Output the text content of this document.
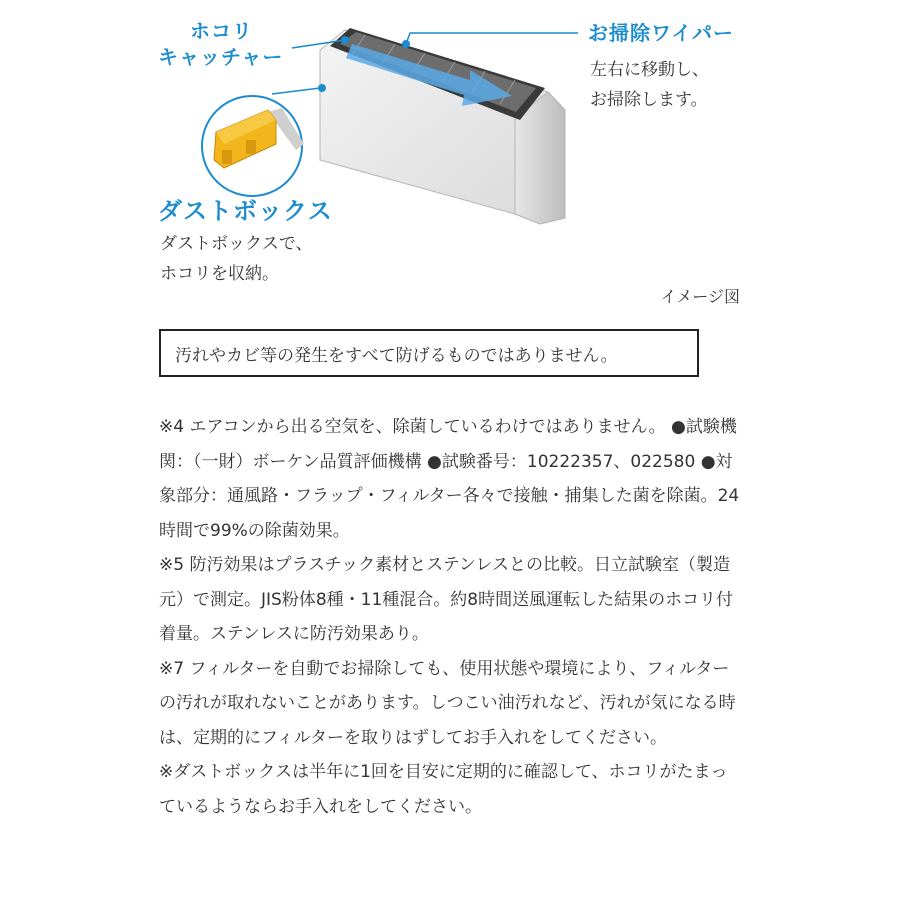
ホコリ
キャッチャー
お掃除ワイパー
左右に移動し、
お掃除します。
ダストボックス
ダストボックスで、
ホコリを収納。
イメージ図
汚れやカビ等の発生をすべて防げるものではありません。

※4 エアコンから出る空気を、除菌しているわけではありません。 ●試験機関：（一財）ボーケン品質評価機構 ●試験番号：10222357、022580 ●対象部分：通風路・フラップ・フィルター各々で接触・捕集した菌を除菌。24時間で99%の除菌効果。

※5 防汚効果はプラスチック素材とステンレスとの比較。日立試験室（製造元）で測定。JIS粉体8種・11種混合。約8時間送風運転した結果のホコリ付着量。ステンレスに防汚効果あり。

※7 フィルターを自動でお掃除しても、使用状態や環境により、フィルターの汚れが取れないことがあります。しつこい油汚れなど、汚れが気になる時は、定期的にフィルターを取りはずしてお手入れをしてください。

※ダストボックスは半年に1回を目安に定期的に確認して、ホコリがたまっているようならお手入れをしてください。
